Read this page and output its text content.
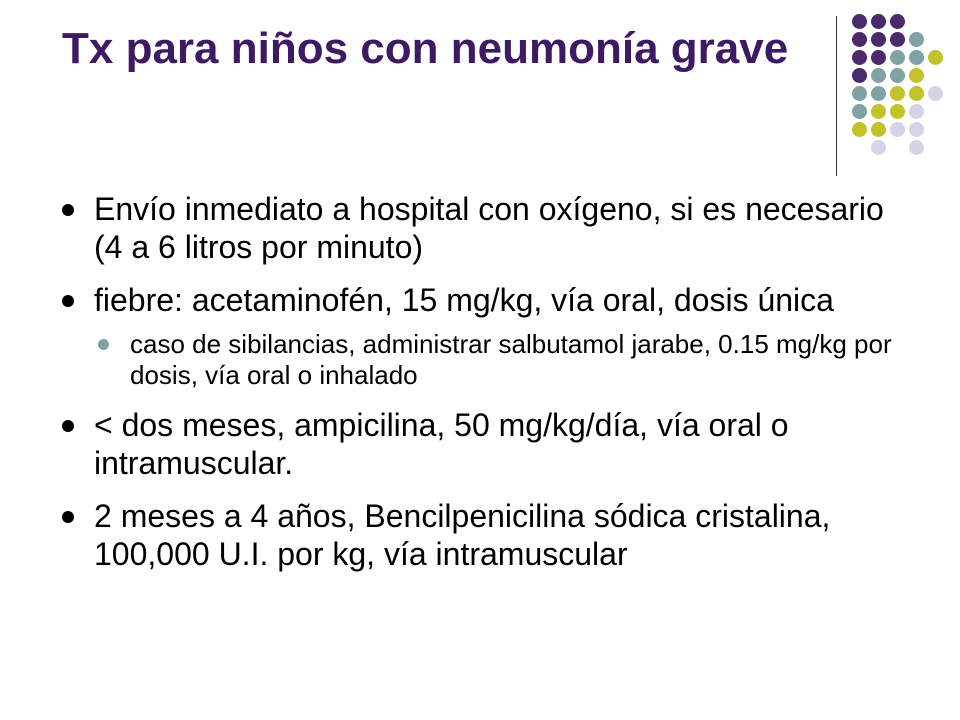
Tx para niños con neumonía grave
Envío inmediato a hospital con oxígeno, si es necesario (4 a 6 litros por minuto)
fiebre: acetaminofén, 15 mg/kg, vía oral, dosis única
caso de sibilancias, administrar salbutamol jarabe, 0.15 mg/kg por dosis, vía oral o inhalado
< dos meses, ampicilina, 50 mg/kg/día, vía oral o intramuscular.
2 meses a 4 años, Bencilpenicilina sódica cristalina, 100,000 U.I. por kg, vía intramuscular
